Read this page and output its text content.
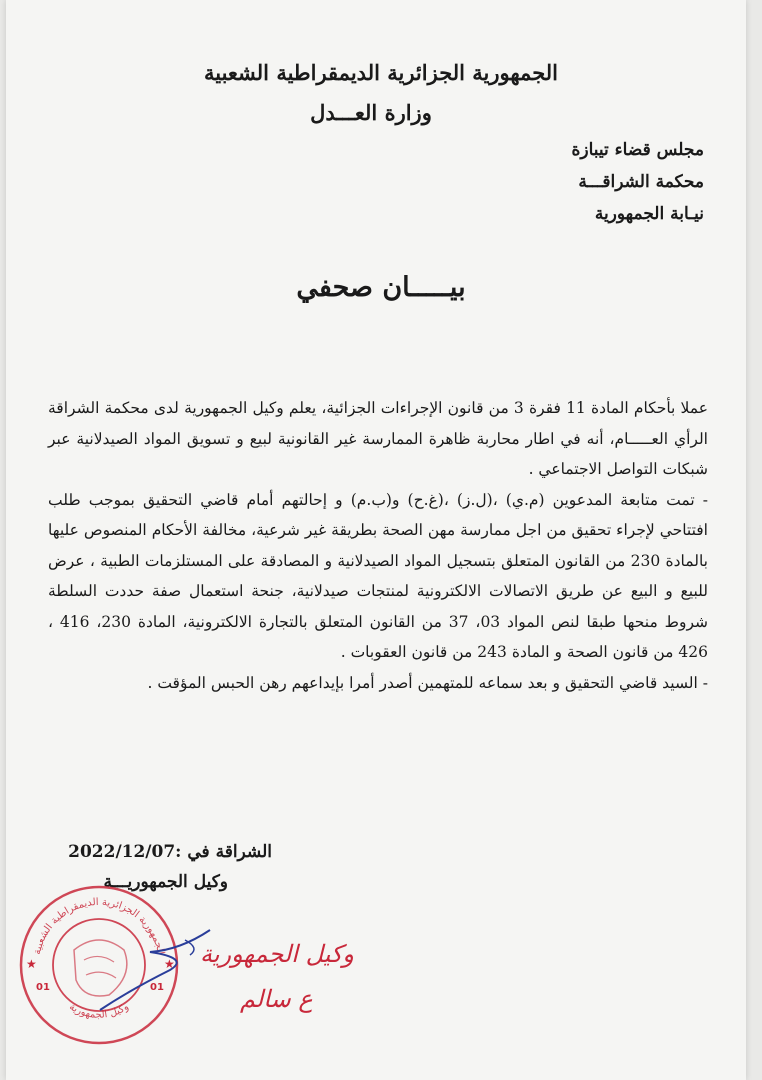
الجمهورية الجزائرية الديمقراطية الشعبية
وزارة العـــدل
مجلس قضاء تيبازة
محكمة الشراقـــة
نيـابة الجمهورية
بيـــــان صحفي

عملا بأحكام المادة 11 فقرة 3 من قانون الإجراءات الجزائية، يعلم وكيل الجمهورية لدى محكمة الشراقة الرأي العـــــام، أنه في اطار محاربة ظاهرة الممارسة غير القانونية لبيع و تسويق المواد الصيدلانية عبر شبكات التواصل الاجتماعي .

- تمت متابعة المدعوين (م.ي) ،(ل.ز) ،(غ.ح) و(ب.م) و إحالتهم أمام قاضي التحقيق بموجب طلب افتتاحي لإجراء تحقيق من اجل ممارسة مهن الصحة بطريقة غير شرعية، مخالفة الأحكام المنصوص عليها بالمادة 230 من القانون المتعلق بتسجيل المواد الصيدلانية و المصادقة على المستلزمات الطبية ، عرض للبيع و البيع عن طريق الاتصالات الالكترونية لمنتجات صيدلانية، جنحة استعمال صفة حددت السلطة شروط منحها طبقا لنص المواد 03، 37 من القانون المتعلق بالتجارة الالكترونية، المادة 230، 416 ، 426 من قانون الصحة و المادة 243 من قانون العقوبات .

- السيد قاضي التحقيق و بعد سماعه للمتهمين أصدر أمرا بإيداعهم رهن الحبس المؤقت .

الشراقة في :2022/12/07
وكيل الجمهوريـــة
الجمهورية الجزائرية الديمقراطية الشعبية
وكيل الجمهورية
01	01
★	★ وكيل الجمهورية
ع سالم
